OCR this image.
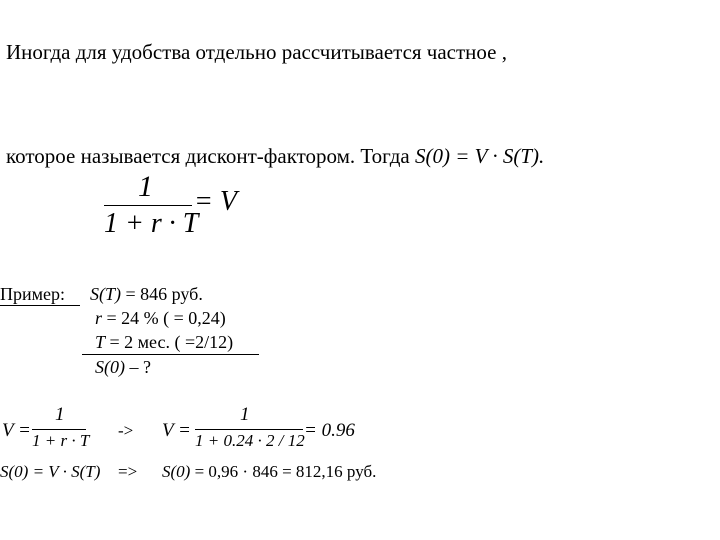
Иногда для удобства отдельно рассчитывается частное ,
которое называется дисконт-фактором. Тогда S(0) = V · S(T).
1
1 + r · T
= V
Пример: S(T) = 846 руб.
r = 24 % ( = 0,24)
T = 2 мес. ( =2/12)
S(0) – ?
V =
1
1 + r · T
-> V =
1
1 + 0.24 · 2 / 12 = 0.96
S(0) = V · S(T) => S(0) = 0,96 · 846 = 812,16 руб.
